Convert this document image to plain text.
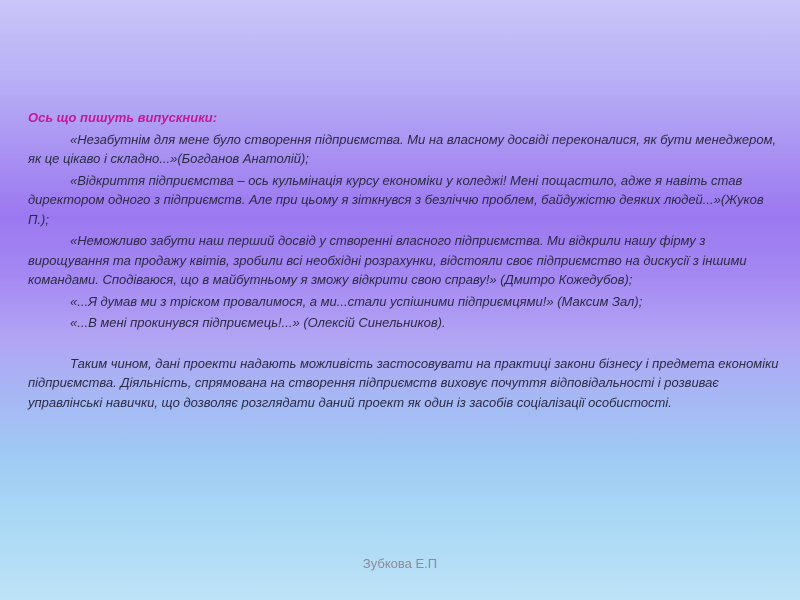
Ось що пишуть випускники:

«Незабутнім для мене було створення підприємства. Ми на власному досвіді переконалися, як бути менеджером, як це цікаво і складно...»(Богданов Анатолій);

«Відкриття підприємства – ось кульмінація курсу економіки у коледжі! Мені пощастило, адже я навіть став директором одного з підприємств. Але при цьому я зіткнувся з безліччю проблем, байдужістю деяких людей...»(Жуков П.);

«Неможливо забути наш перший досвід у створенні власного підприємства. Ми відкрили нашу фірму з вирощування та продажу квітів, зробили всі необхідні розрахунки, відстояли своє підприємство на дискусії з іншими командами. Сподіваюся, що в майбутньому я зможу відкрити свою справу!» (Дмитро Кожедубов);

«...Я думав ми з тріском провалимося, а ми...стали успішними підприємцями!» (Максим Зал);

«...В мені прокинувся підприємець!...» (Олексій Синельников).

Таким чином, дані проекти надають можливість застосовувати на практиці закони бізнесу і предмета економіки підприємства. Діяльність, спрямована на створення підприємств виховує почуття відповідальності і розвиває управлінські навички, що дозволяє розглядати даний проект як один із засобів соціалізації особистості.

Зубкова Е.П
